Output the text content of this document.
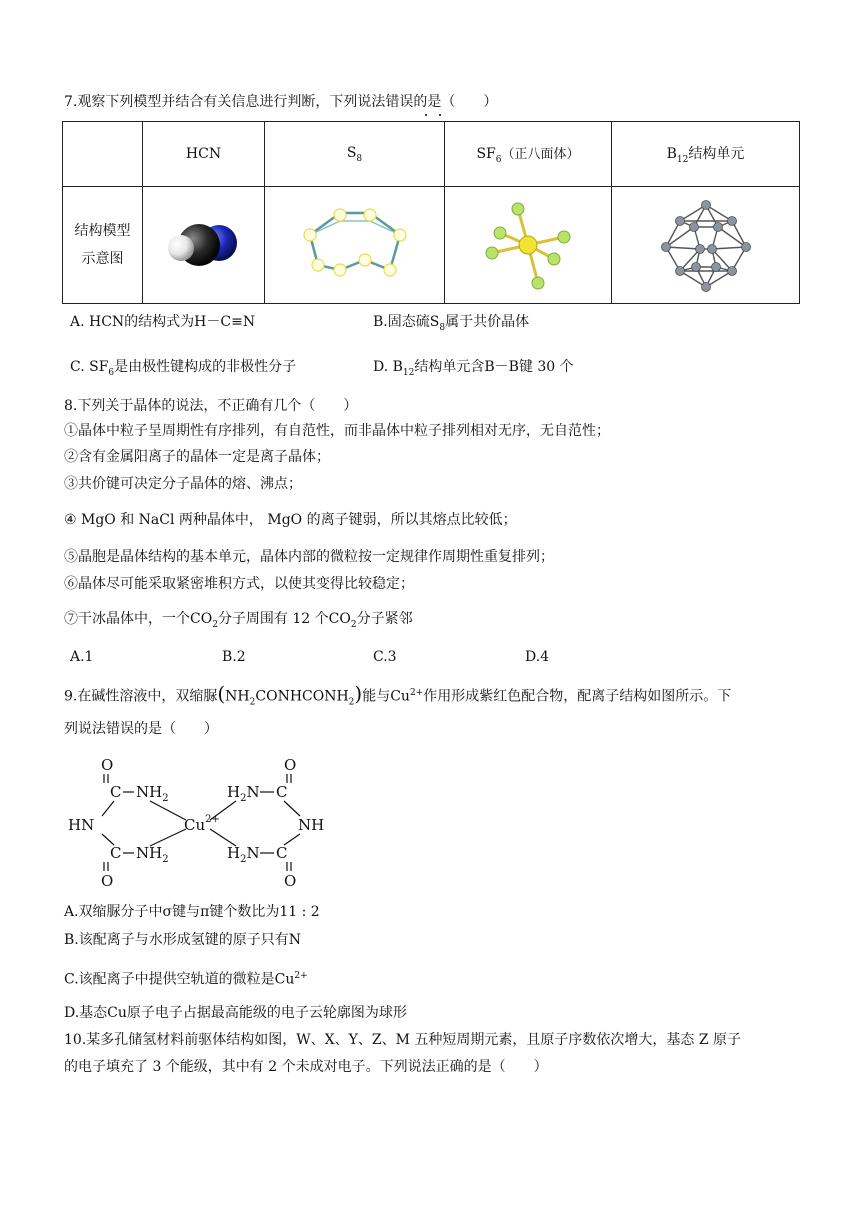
7.观察下列模型并结合有关信息进行判断，下列说法错误的是（　　）
	HCN	$S_8$	$SF_6$（正八面体）	$B_{12}$结构单元

结构模型
示意图

A. HCN的结构式为H－C≡N	B.固态硫$S_8$属于共价晶体
C. $SF_6$是由极性键构成的非极性分子	D. $B_{12}$结构单元含B－B键 30 个
8.下列关于晶体的说法，不正确有几个（　　）
①晶体中粒子呈周期性有序排列，有自范性，而非晶体中粒子排列相对无序，无自范性；
②含有金属阳离子的晶体一定是离子晶体；
③共价键可决定分子晶体的熔、沸点；
④ MgO 和 NaCl 两种晶体中， MgO 的离子键弱，所以其熔点比较低；
⑤晶胞是晶体结构的基本单元，晶体内部的微粒按一定规律作周期性重复排列；
⑥晶体尽可能采取紧密堆积方式，以使其变得比较稳定；
⑦干冰晶体中，一个$CO_2$分子周围有 12 个$CO_2$分子紧邻
A.1	B.2	C.3	D.4
9.在碱性溶液中，双缩脲$(NH_2CONHCONH_2)$能与$Cu^{2+}$作用形成紫红色配合物，配离子结构如图所示。下
列说法错误的是（　　）
O
C $NH_2$
HN
C $NH_2$
O
$Cu^{2+}$
O
$H_2N$ C
NH
$H_2N$ C
O
A.双缩脲分子中σ键与π键个数比为11 : 2
B.该配离子与水形成氢键的原子只有N
C.该配离子中提供空轨道的微粒是$Cu^{2+}$
D.基态Cu原子电子占据最高能级的电子云轮廓图为球形
10.某多孔储氢材料前驱体结构如图，W、X、Y、Z、M 五种短周期元素，且原子序数依次增大，基态 Z 原子
的电子填充了 3 个能级，其中有 2 个未成对电子。下列说法正确的是（　　）
